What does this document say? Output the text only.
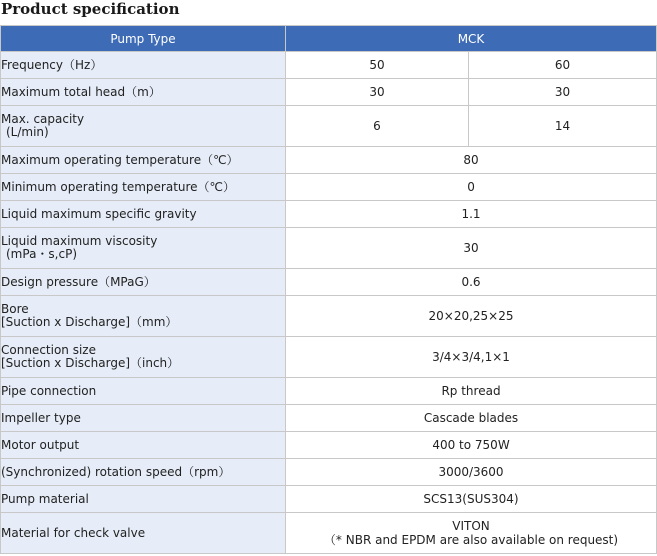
Product specification
Pump Type	MCK	
Frequency（Hz）	50	60
Maximum total head（m）	30	30

Max. capacity
(L/min)	6	14
Maximum operating temperature（℃）	80	
Minimum operating temperature（℃）	0	
Liquid maximum specific gravity	1.1	

Liquid maximum viscosity
(mPa・s,cP)	30	
Design pressure（MPaG）	0.6	

Bore
[Suction x Discharge]（mm）	20×20,25×25	

Connection size
[Suction x Discharge]（inch）	3/4×3/4,1×1	
Pipe connection	Rp thread	
Impeller type	Cascade blades	
Motor output	400 to 750W	
(Synchronized) rotation speed（rpm）	3000/3600	
Pump material	SCS13(SUS304)	
Material for check valve	VITON
（* NBR and EPDM are also available on request)	
